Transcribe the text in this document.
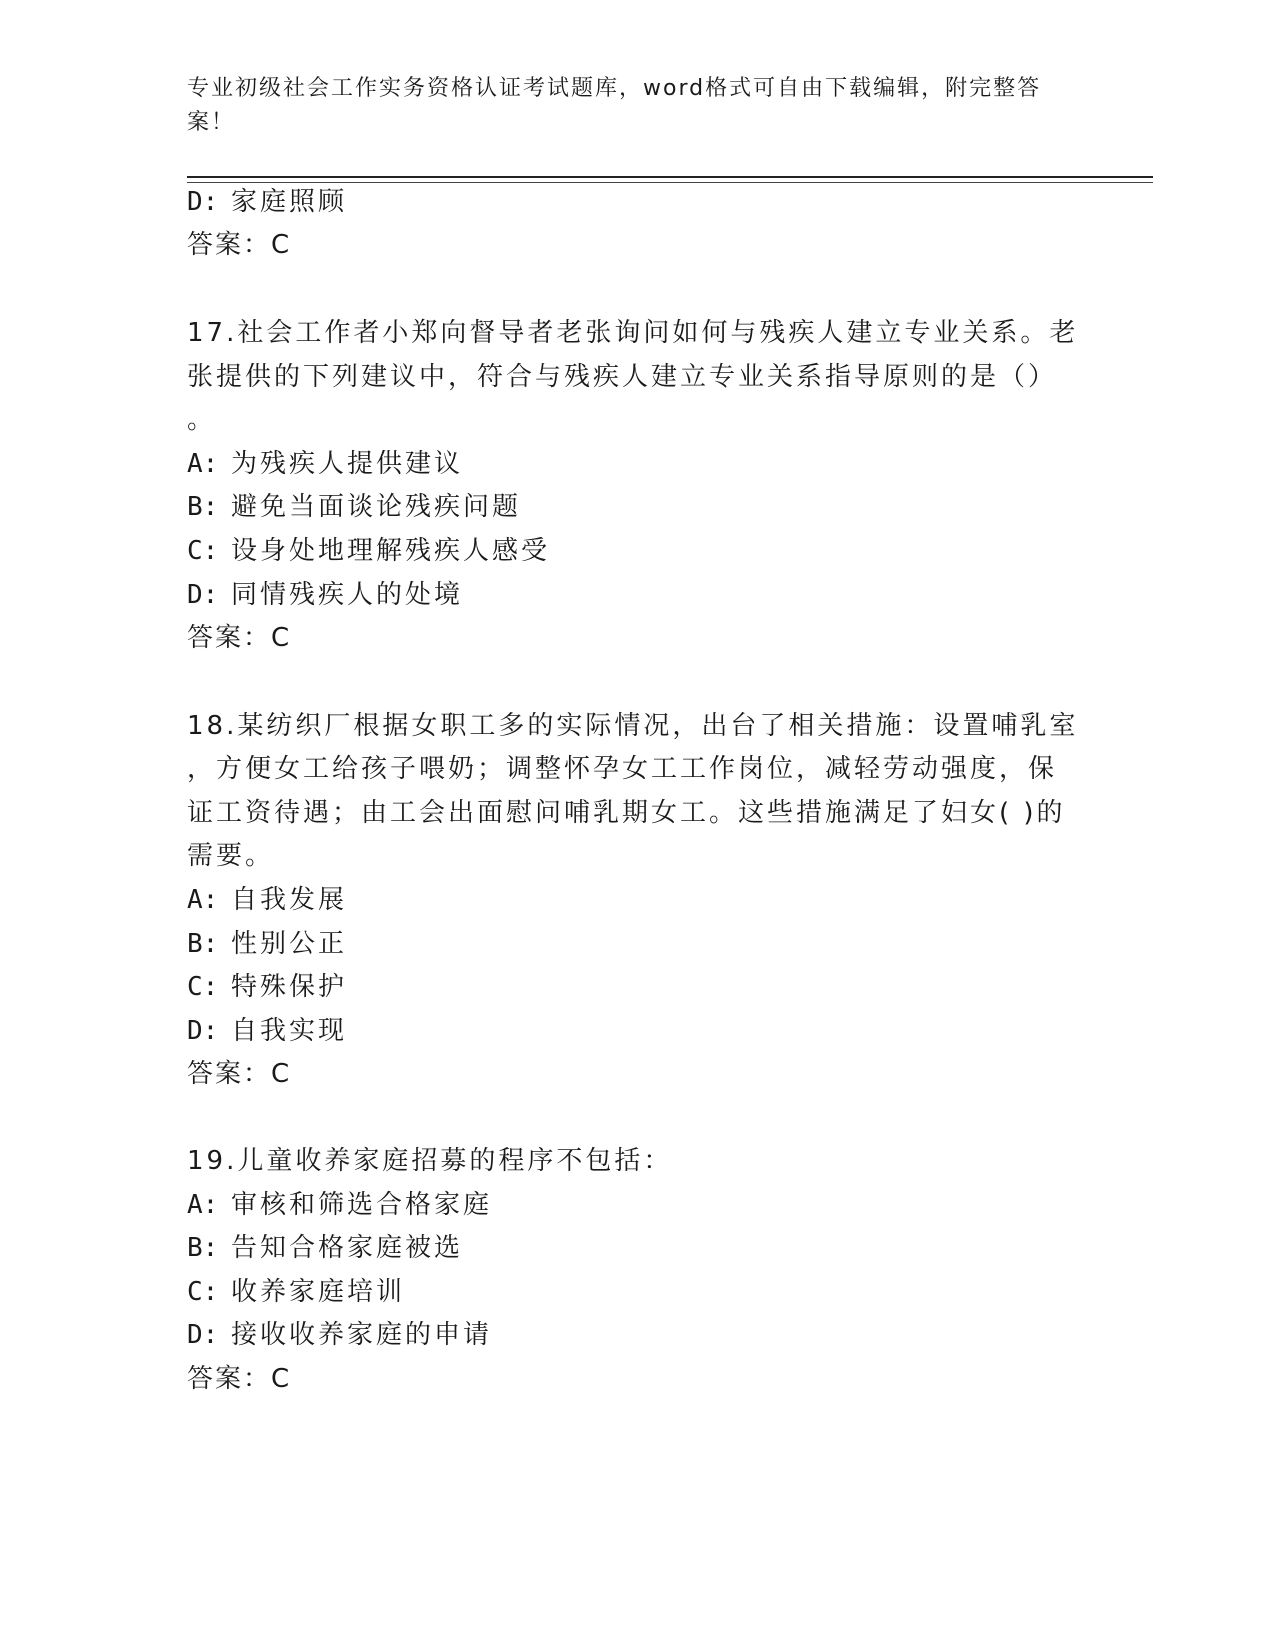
专业初级社会工作实务资格认证考试题库，word格式可自由下载编辑，附完整答案！
D: 家庭照顾
答案：C
17.社会工作者小郑向督导者老张询问如何与残疾人建立专业关系。老
张提供的下列建议中，符合与残疾人建立专业关系指导原则的是（）
。
A: 为残疾人提供建议
B: 避免当面谈论残疾问题
C: 设身处地理解残疾人感受
D: 同情残疾人的处境
答案：C
18.某纺织厂根据女职工多的实际情况，出台了相关措施：设置哺乳室
，方便女工给孩子喂奶；调整怀孕女工工作岗位，减轻劳动强度，保
证工资待遇；由工会出面慰问哺乳期女工。这些措施满足了妇女( )的
需要。
A: 自我发展
B: 性别公正
C: 特殊保护
D: 自我实现
答案：C
19.儿童收养家庭招募的程序不包括：
A: 审核和筛选合格家庭
B: 告知合格家庭被选
C: 收养家庭培训
D: 接收收养家庭的申请
答案：C
